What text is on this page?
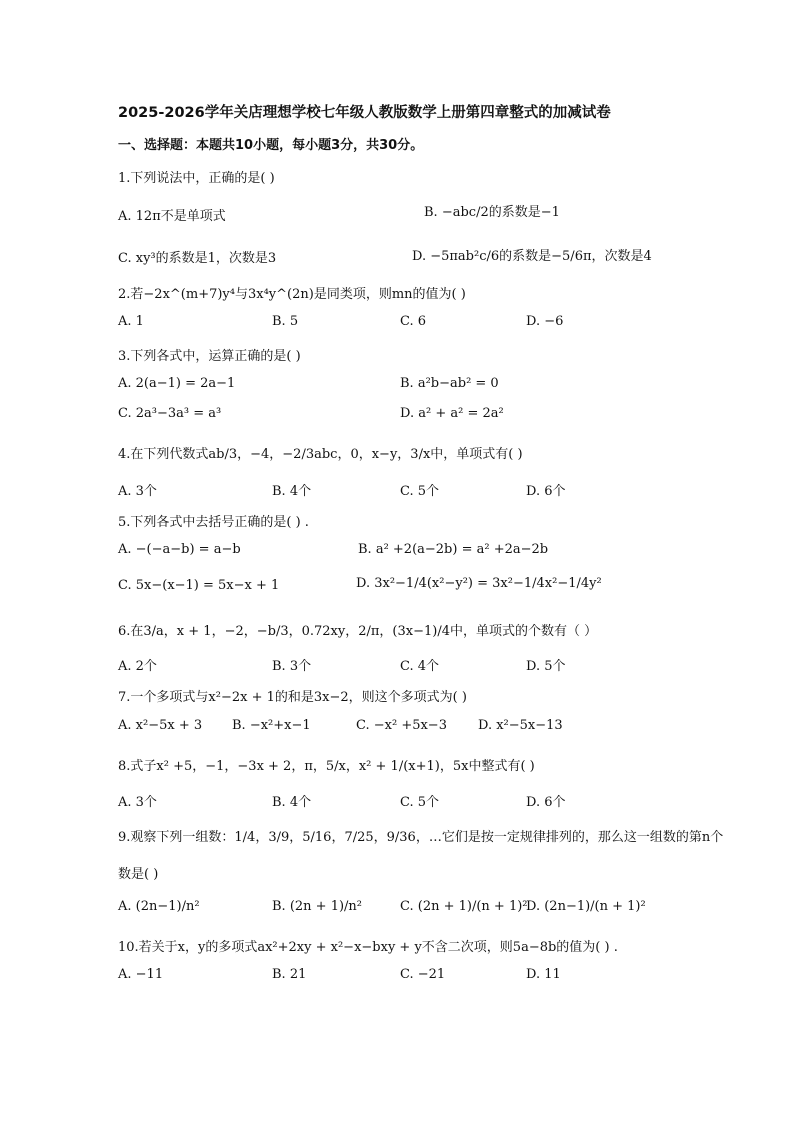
2025-2026学年关店理想学校七年级人教版数学上册第四章整式的加减试卷
一、选择题：本题共10小题，每小题3分，共30分。
1.下列说法中，正确的是( )
A. 12π不是单项式	B. −abc/2的系数是−1
C. xy³的系数是1，次数是3	D. −5πab²c/6的系数是−5/6π，次数是4
2.若−2x^(m+7)y⁴与3x⁴y^(2n)是同类项，则mn的值为( )
A. 1	B. 5	C. 6	D. −6
3.下列各式中，运算正确的是( )
A. 2(a−1) = 2a−1	B. a²b−ab² = 0
C. 2a³−3a³ = a³	D. a² + a² = 2a²
4.在下列代数式ab/3，−4，−2/3abc，0，x−y，3/x中，单项式有( )
A. 3个	B. 4个	C. 5个	D. 6个
5.下列各式中去括号正确的是( ) .
A. −(−a−b) = a−b	B. a² +2(a−2b) = a² +2a−2b
C. 5x−(x−1) = 5x−x + 1	D. 3x²−1/4(x²−y²) = 3x²−1/4x²−1/4y²
6.在3/a，x + 1，−2，−b/3，0.72xy，2/π，(3x−1)/4中，单项式的个数有（ ）
A. 2个	B. 3个	C. 4个	D. 5个
7.一个多项式与x²−2x + 1的和是3x−2，则这个多项式为( )
A. x²−5x + 3 B. −x²+x−1	C. −x² +5x−3 D. x²−5x−13
8.式子x² +5，−1，−3x + 2，π，5/x，x² + 1/(x+1)，5x中整式有( )
A. 3个	B. 4个	C. 5个	D. 6个
9.观察下列一组数：1/4，3/9，5/16，7/25，9/36，…它们是按一定规律排列的，那么这一组数的第n个
数是( )
A. (2n−1)/n²	B. (2n + 1)/n²	C. (2n + 1)/(n + 1)²
D. (2n−1)/(n + 1)²
10.若关于x，y的多项式ax²+2xy + x²−x−bxy + y不含二次项，则5a−8b的值为( ) .
A. −11	B. 21	C. −21	D. 11
